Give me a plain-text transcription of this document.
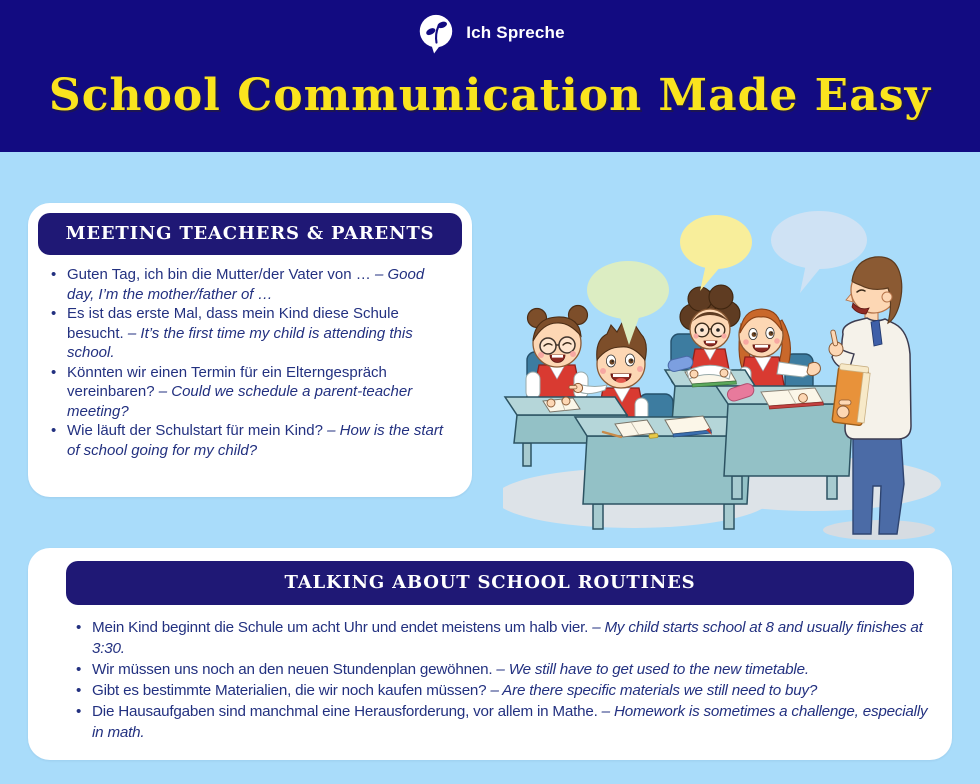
Ich Spreche
School Communication Made Easy
MEETING TEACHERS & PARENTS
• Guten Tag, ich bin die Mutter/der Vater von … – Good day, I’m the mother/father of …
• Es ist das erste Mal, dass mein Kind diese Schule besucht. – It’s the first time my child is attending this school.
• Könnten wir einen Termin für ein Elterngespräch vereinbaren? – Could we schedule a parent-teacher meeting?
• Wie läuft der Schulstart für mein Kind? – How is the start of school going for my child?
TALKING ABOUT SCHOOL ROUTINES
• Mein Kind beginnt die Schule um acht Uhr und endet meistens um halb vier. – My child starts school at 8 and usually finishes at 3:30.
• Wir müssen uns noch an den neuen Stundenplan gewöhnen. – We still have to get used to the new timetable.
• Gibt es bestimmte Materialien, die wir noch kaufen müssen? – Are there specific materials we still need to buy?
• Die Hausaufgaben sind manchmal eine Herausforderung, vor allem in Mathe. – Homework is sometimes a challenge, especially in math.
